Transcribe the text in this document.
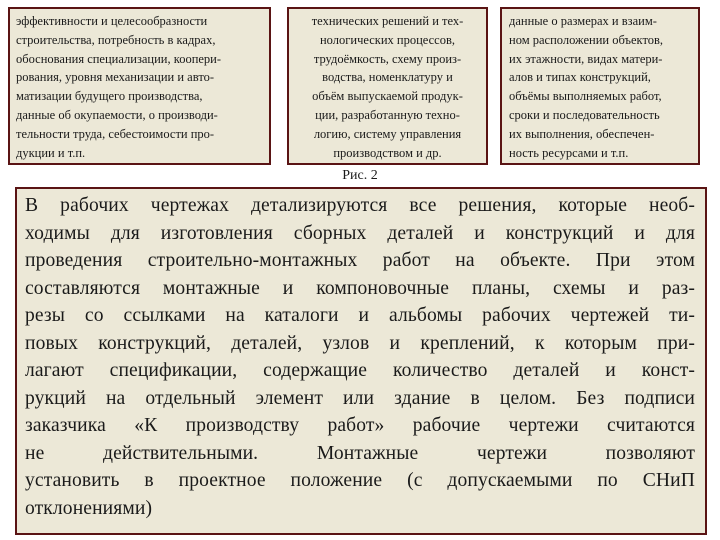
эффективности и целесообразности
строительства, потребность в кадрах,
обоснования специализации, коопери-
рования, уровня механизации и авто-
матизации будущего производства,
данные об окупаемости, о производи-
тельности труда, себестоимости про-
дукции и т.п.

технических решений и тех-
нологических процессов,
трудоёмкость, схему произ-
водства, номенклатуру и
объём выпускаемой продук-
ции, разработанную техно-
логию, систему управления
производством и др.

данные о размерах и взаим-
ном расположении объектов,
их этажности, видах матери-
алов и типах конструкций,
объёмы выполняемых работ,
сроки и последовательность
их выполнения, обеспечен-
ность ресурсами и т.п.

Рис. 2

В рабочих чертежах детализируются все решения, которые необ-

ходимы для изготовления сборных деталей и конструкций и для

проведения строительно-монтажных работ на объекте. При этом

составляются монтажные и компоновочные планы, схемы и раз-

резы со ссылками на каталоги и альбомы рабочих чертежей ти-

повых конструкций, деталей, узлов и креплений, к которым при-

лагают спецификации, содержащие количество деталей и конст-

рукций на отдельный элемент или здание в целом. Без подписи

заказчика «К производству работ» рабочие чертежи считаются

не действительными. Монтажные чертежи позволяют

установить в проектное положение (с допускаемыми по СНиП

отклонениями)
